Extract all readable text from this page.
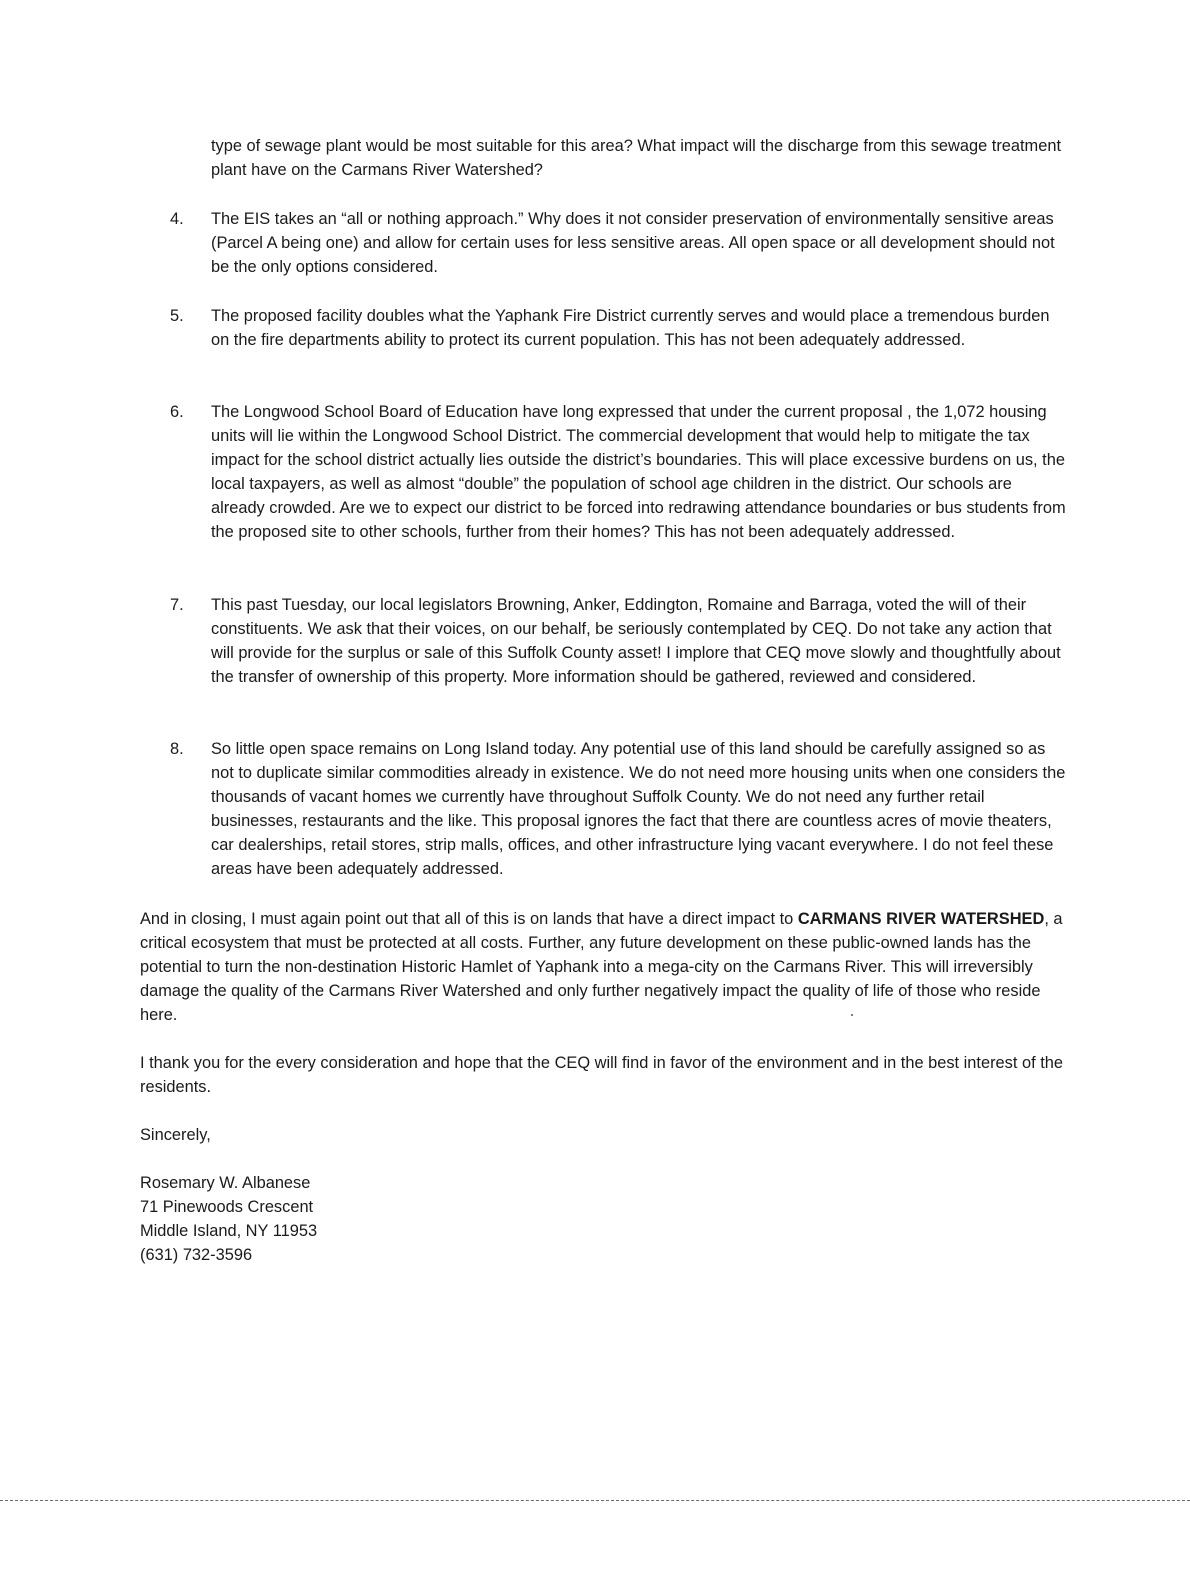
type of sewage plant would be most suitable for this area? What impact will the discharge from this sewage treatment plant have on the Carmans River Watershed?

4.	The EIS takes an “all or nothing approach.” Why does it not consider preservation of environmentally sensitive areas (Parcel A being one) and allow for certain uses for less sensitive areas. All open space or all development should not be the only options considered.

5.	The proposed facility doubles what the Yaphank Fire District currently serves and would place a tremendous burden on the fire departments ability to protect its current population. This has not been adequately addressed.

6.	The Longwood School Board of Education have long expressed that under the current proposal , the 1,072 housing units will lie within the Longwood School District. The commercial development that would help to mitigate the tax impact for the school district actually lies outside the district’s boundaries. This will place excessive burdens on us, the local taxpayers, as well as almost “double” the population of school age children in the district. Our schools are already crowded. Are we to expect our district to be forced into redrawing attendance boundaries or bus students from the proposed site to other schools, further from their homes? This has not been adequately addressed.

7.	This past Tuesday, our local legislators Browning, Anker, Eddington, Romaine and Barraga, voted the will of their constituents. We ask that their voices, on our behalf, be seriously contemplated by CEQ. Do not take any action that will provide for the surplus or sale of this Suffolk County asset! I implore that CEQ move slowly and thoughtfully about the transfer of ownership of this property. More information should be gathered, reviewed and considered.

8.	So little open space remains on Long Island today. Any potential use of this land should be carefully assigned so as not to duplicate similar commodities already in existence. We do not need more housing units when one considers the thousands of vacant homes we currently have throughout Suffolk County. We do not need any further retail businesses, restaurants and the like. This proposal ignores the fact that there are countless acres of movie theaters, car dealerships, retail stores, strip malls, offices, and other infrastructure lying vacant everywhere. I do not feel these areas have been adequately addressed.

And in closing, I must again point out that all of this is on lands that have a direct impact to CARMANS RIVER WATERSHED, a critical ecosystem that must be protected at all costs. Further, any future development on these public-owned lands has the potential to turn the non-destination Historic Hamlet of Yaphank into a mega-city on the Carmans River. This will irreversibly damage the quality of the Carmans River Watershed and only further negatively impact the quality of life of those who reside here.

I thank you for the every consideration and hope that the CEQ will find in favor of the environment and in the best interest of the residents.

Sincerely,

Rosemary W. Albanese

71 Pinewoods Crescent

Middle Island, NY 11953

(631) 732-3596
